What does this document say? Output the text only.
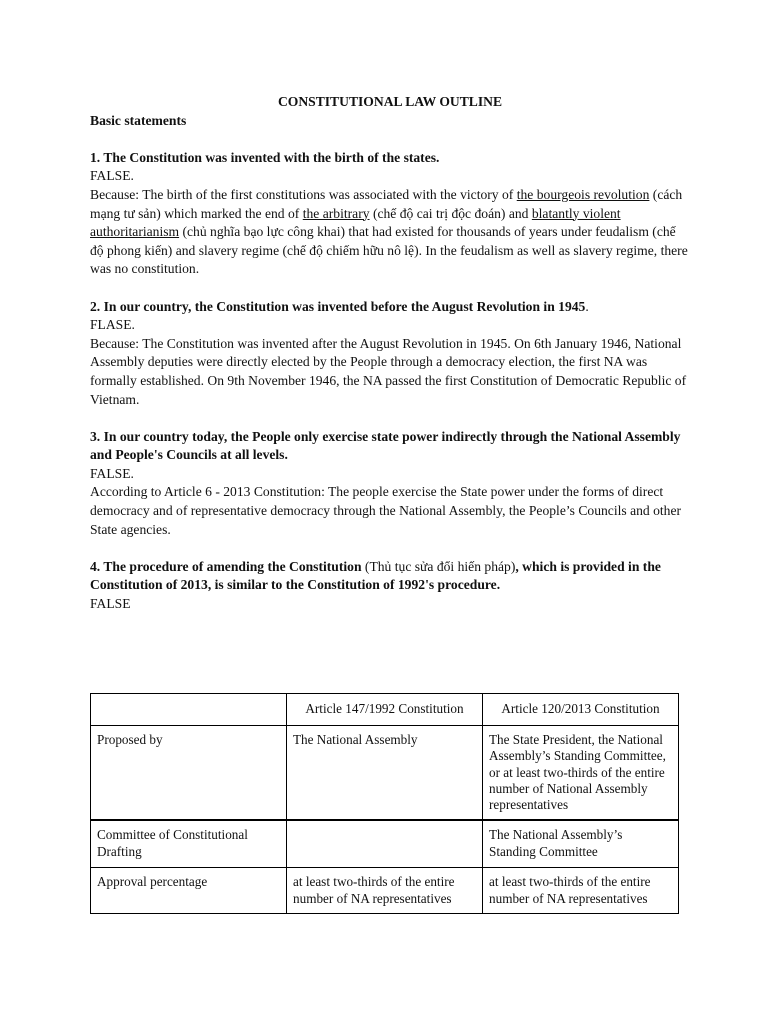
CONSTITUTIONAL LAW OUTLINE

Basic statements

1. The Constitution was invented with the birth of the states.

FALSE.

Because: The birth of the first constitutions was associated with the victory of the bourgeois revolution (cách mạng tư sản) which marked the end of the arbitrary (chế độ cai trị độc đoán) and blatantly violent authoritarianism (chủ nghĩa bạo lực công khai) that had existed for thousands of years under feudalism (chế độ phong kiến) and slavery regime (chế độ chiếm hữu nô lệ). In the feudalism as well as slavery regime, there was no constitution.

2. In our country, the Constitution was invented before the August Revolution in 1945.

FLASE.

Because: The Constitution was invented after the August Revolution in 1945. On 6th January 1946, National Assembly deputies were directly elected by the People through a democracy election, the first NA was formally established. On 9th November 1946, the NA passed the first Constitution of Democratic Republic of Vietnam.

3. In our country today, the People only exercise state power indirectly through the National Assembly and People's Councils at all levels.

FALSE.

According to Article 6 - 2013 Constitution: The people exercise the State power under the forms of direct democracy and of representative democracy through the National Assembly, the People’s Councils and other State agencies.

4. The procedure of amending the Constitution (Thủ tục sửa đổi hiến pháp), which is provided in the Constitution of 2013, is similar to the Constitution of 1992's procedure.

FALSE

	Article 147/1992 Constitution	Article 120/2013 Constitution
Proposed by	The National Assembly	The State President, the National Assembly’s Standing Committee, or at least two-thirds of the entire number of National Assembly representatives
Committee of Constitutional Drafting		The National Assembly’s Standing Committee
Approval percentage	at least two-thirds of the entire number of NA representatives	at least two-thirds of the entire number of NA representatives
